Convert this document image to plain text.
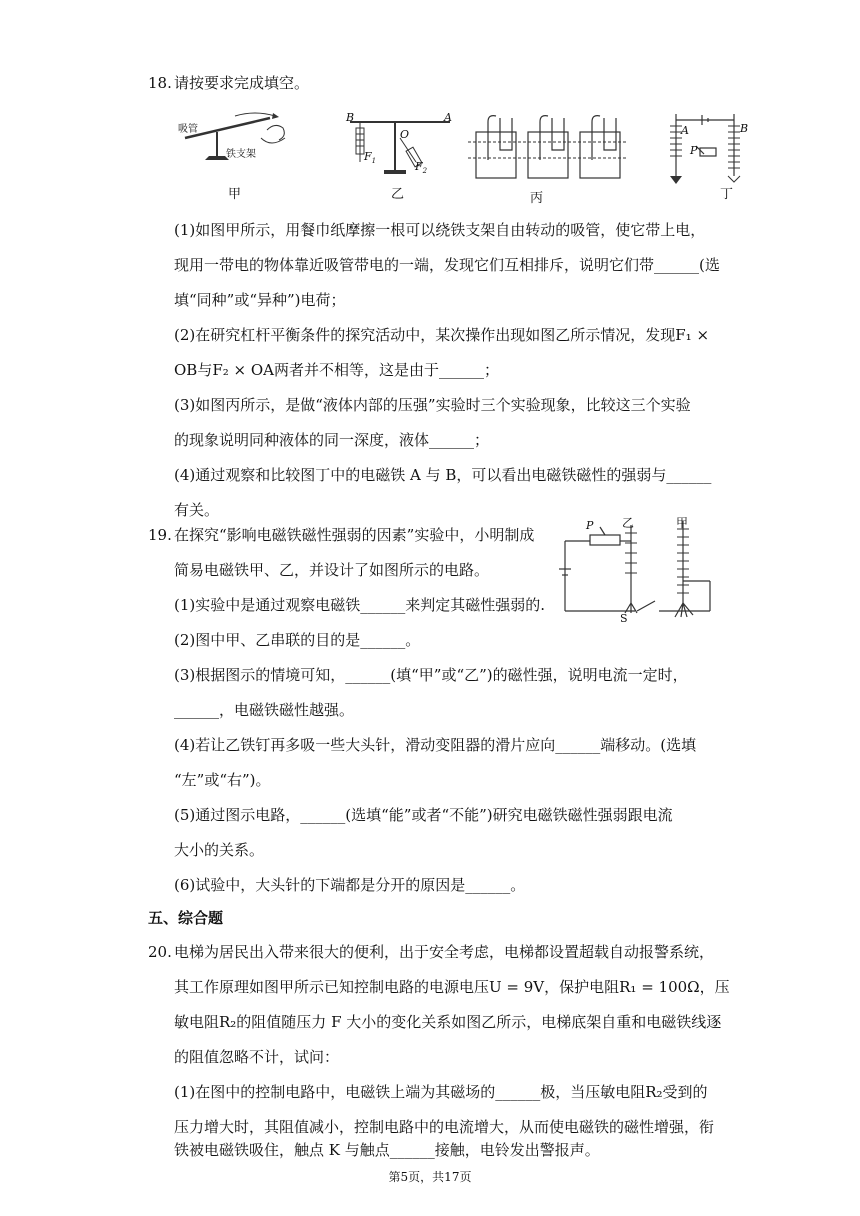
18. 请按要求完成填空。
吸管
铁支架
甲
B	A
O
$F_1$	$F_2$
乙	丙
A	B
P
丁
(1)如图甲所示，用餐巾纸摩擦一根可以绕铁支架自由转动的吸管，使它带上电，
现用一带电的物体靠近吸管带电的一端，发现它们互相排斥，说明它们带______(选
填“同种”或“异种”)电荷；
(2)在研究杠杆平衡条件的探究活动中，某次操作出现如图乙所示情况，发现F₁ ×
OB与F₂ × OA两者并不相等，这是由于______；
(3)如图丙所示，是做“液体内部的压强”实验时三个实验现象，比较这三个实验
的现象说明同种液体的同一深度，液体______；
(4)通过观察和比较图丁中的电磁铁 A 与 B，可以看出电磁铁磁性的强弱与______
有关。
19. 在探究“影响电磁铁磁性强弱的因素”实验中，小明制成
简易电磁铁甲、乙，并设计了如图所示的电路。
(1)实验中是通过观察电磁铁______来判定其磁性强弱的.
P 乙	甲
S
(2)图中甲、乙串联的目的是______。
(3)根据图示的情境可知，______(填“甲”或“乙”)的磁性强，说明电流一定时，
______，电磁铁磁性越强。
(4)若让乙铁钉再多吸一些大头针，滑动变阻器的滑片应向______端移动。(选填
“左”或“右”)。
(5)通过图示电路，______(选填“能”或者“不能”)研究电磁铁磁性强弱跟电流
大小的关系。
(6)试验中，大头针的下端都是分开的原因是______。
五、综合题
20. 电梯为居民出入带来很大的便利，出于安全考虑，电梯都设置超载自动报警系统，
其工作原理如图甲所示已知控制电路的电源电压U = 9V，保护电阻R₁ = 100Ω，压
敏电阻R₂的阻值随压力 F 大小的变化关系如图乙所示，电梯底架自重和电磁铁线逐
的阻值忽略不计，试问：
(1)在图中的控制电路中，电磁铁上端为其磁场的______极，当压敏电阻R₂受到的
压力增大时，其阻值减小，控制电路中的电流增大，从而使电磁铁的磁性增强，衔
铁被电磁铁吸住，触点 K 与触点______接触，电铃发出警报声。
第5页，共17页
